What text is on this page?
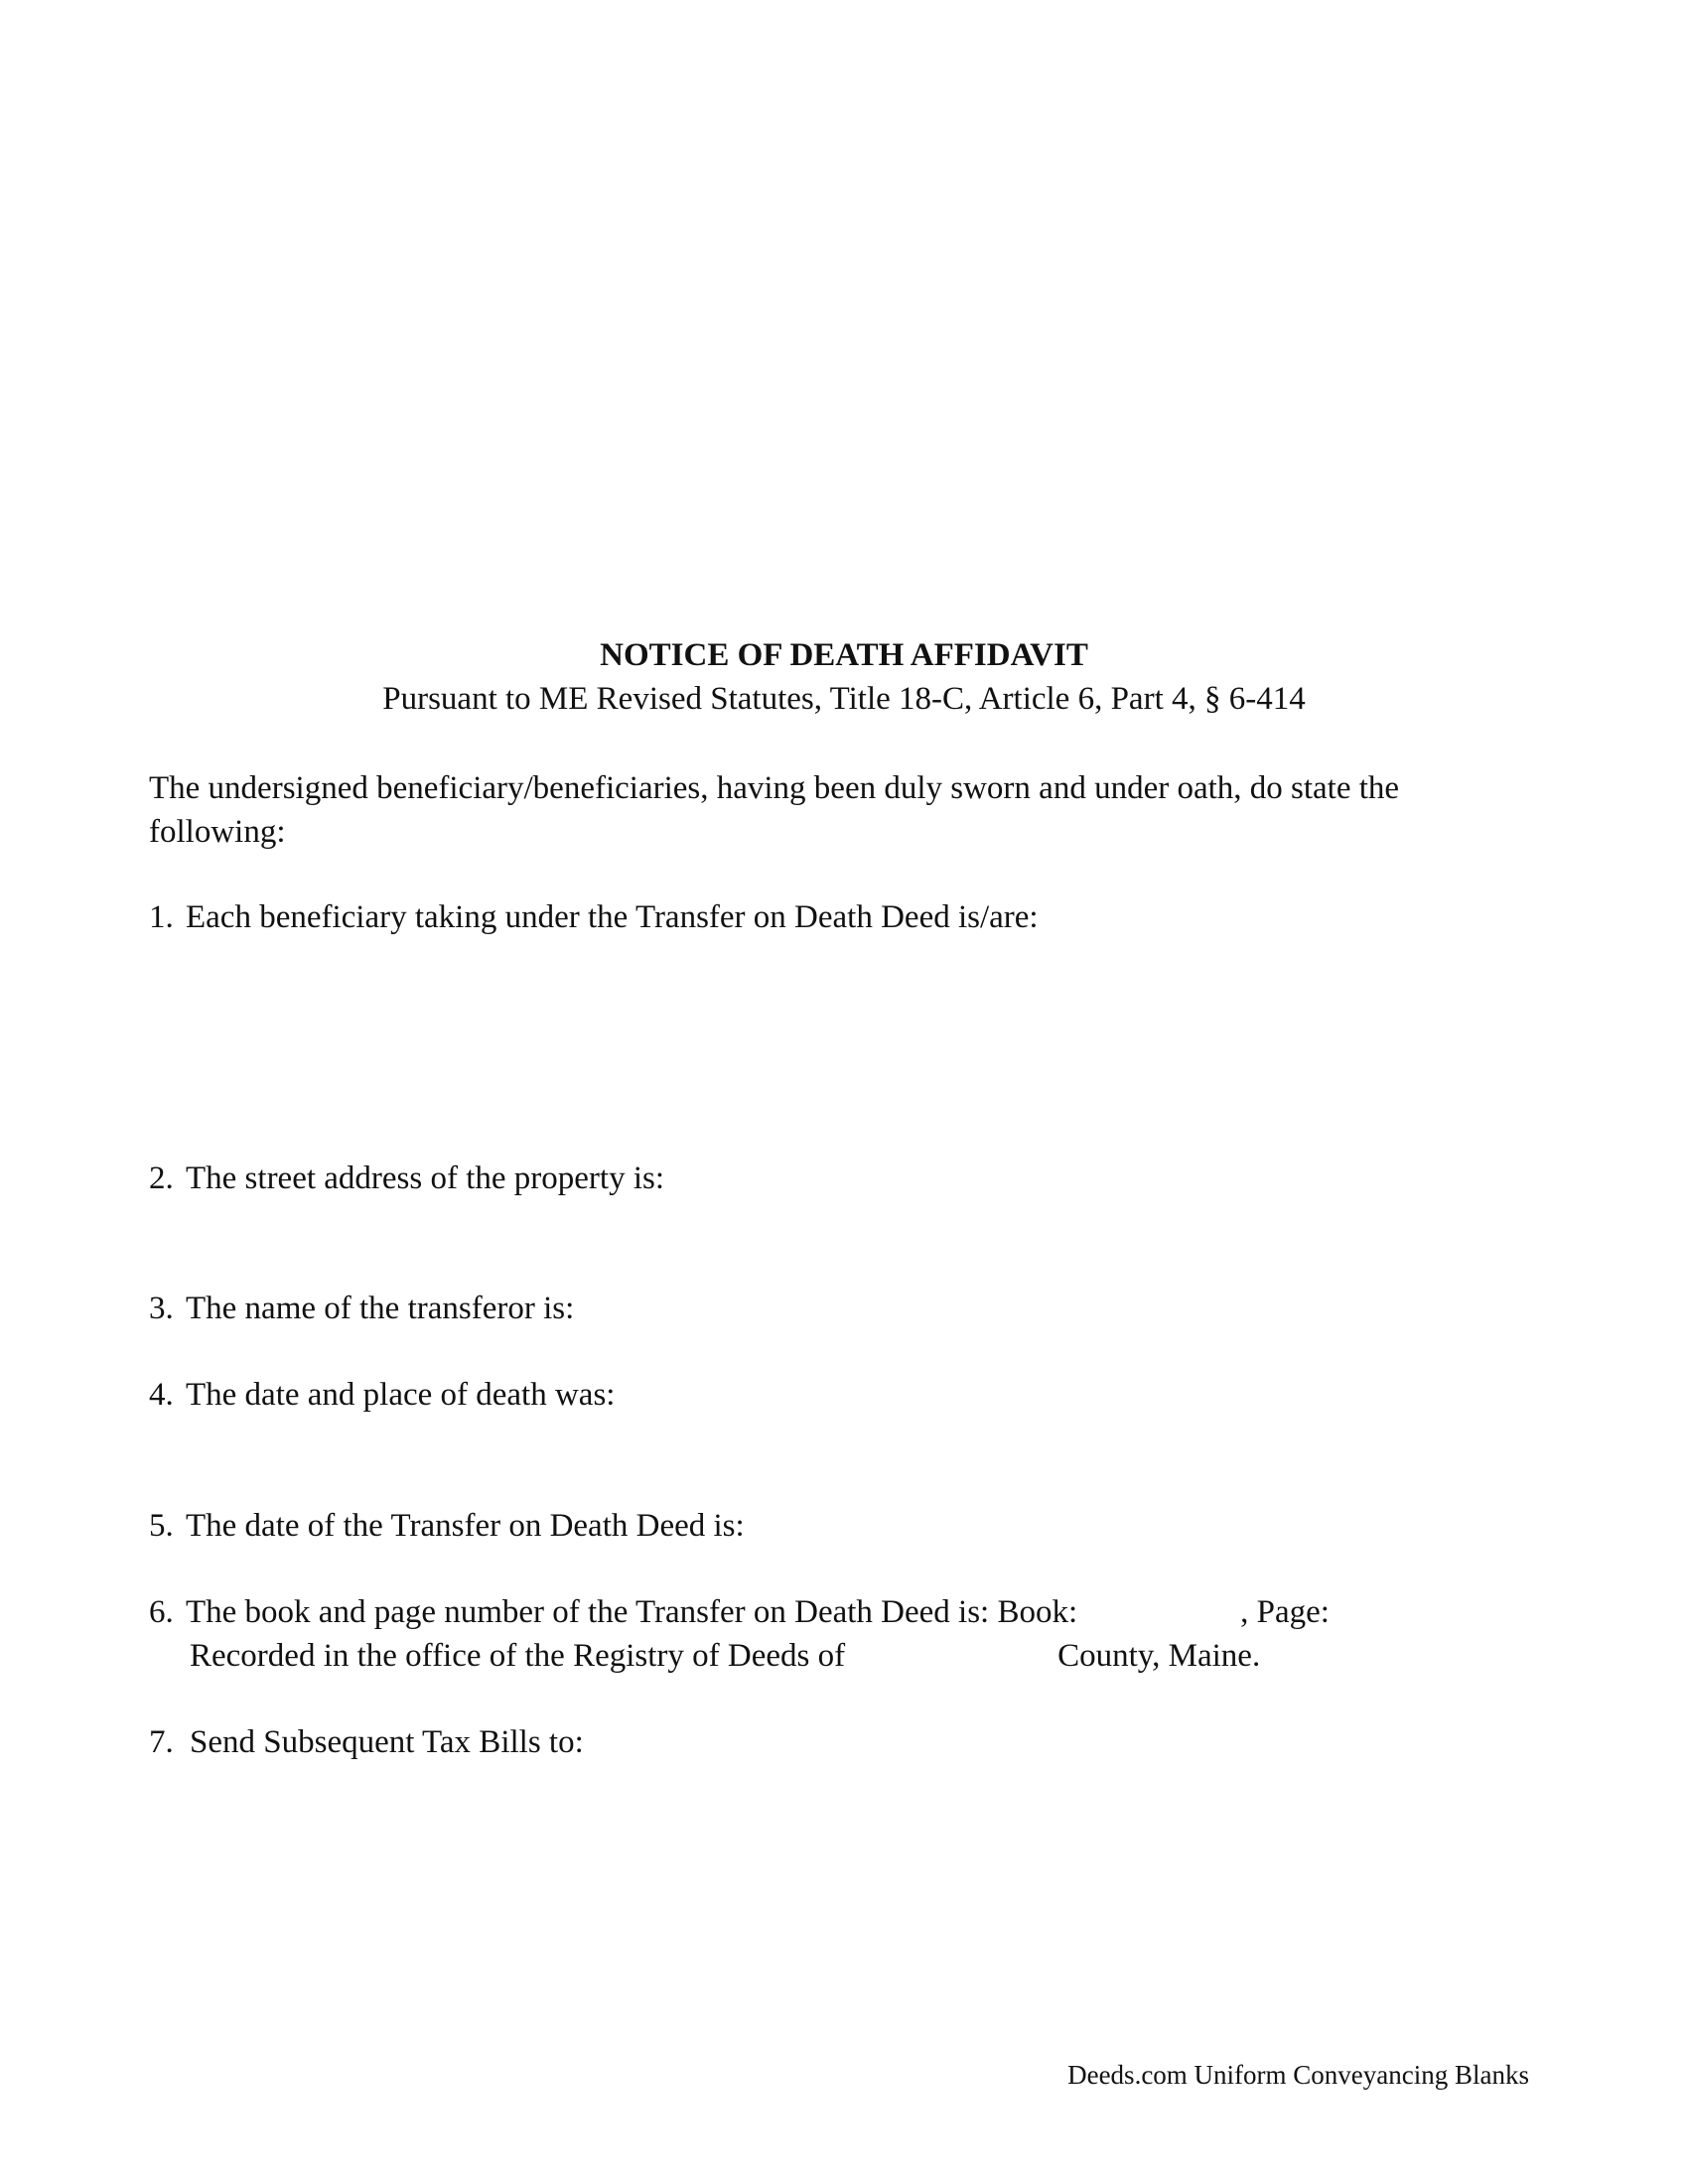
NOTICE OF DEATH AFFIDAVIT
Pursuant to ME Revised Statutes, Title 18-C, Article 6, Part 4, § 6-414
The undersigned beneficiary/beneficiaries, having been duly sworn and under oath, do state the following:
1. Each beneficiary taking under the Transfer on Death Deed is/are:
2. The street address of the property is:
3. The name of the transferor is:
4. The date and place of death was:
5. The date of the Transfer on Death Deed is:
6. The book and page number of the Transfer on Death Deed is: Book:	, Page:
Recorded in the office of the Registry of Deeds of	County, Maine.
7. Send Subsequent Tax Bills to:
Deeds.com Uniform Conveyancing Blanks
